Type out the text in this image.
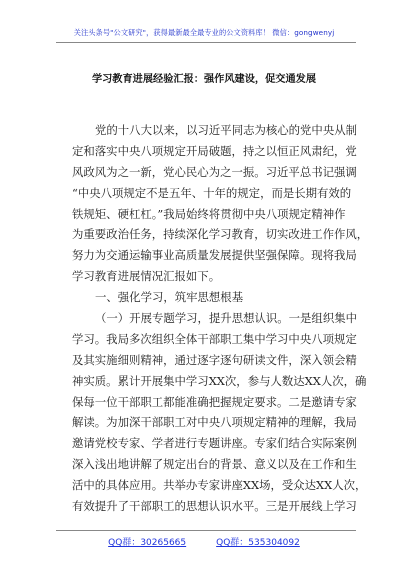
关注头条号"公文研究"，获得最新最全最专业的公文资料库！ 微信：gongwenyj
学习教育进展经验汇报：强作风建设，促交通发展
党的十八大以来，以习近平同志为核心的党中央从制
定和落实中央八项规定开局破题，持之以恒正风肃纪，党
风政风为之一新，党心民心为之一振。习近平总书记强调
“中央八项规定不是五年、十年的规定，而是长期有效的
铁规矩、硬杠杠。”我局始终将贯彻中央八项规定精神作
为重要政治任务，持续深化学习教育，切实改进工作作风，
努力为交通运输事业高质量发展提供坚强保障。现将我局
学习教育进展情况汇报如下。
一、强化学习，筑牢思想根基
（一）开展专题学习，提升思想认识。一是组织集中
学习。我局多次组织全体干部职工集中学习中央八项规定
及其实施细则精神，通过逐字逐句研读文件，深入领会精
神实质。累计开展集中学习XX次，参与人数达XX人次，确
保每一位干部职工都能准确把握规定要求。二是邀请专家
解读。为加深干部职工对中央八项规定精神的理解，我局
邀请党校专家、学者进行专题讲座。专家们结合实际案例
深入浅出地讲解了规定出台的背景、意义以及在工作和生
活中的具体应用。共举办专家讲座XX场，受众达XX人次，
有效提升了干部职工的思想认识水平。三是开展线上学习
QQ群：30265665	QQ群：535304092
